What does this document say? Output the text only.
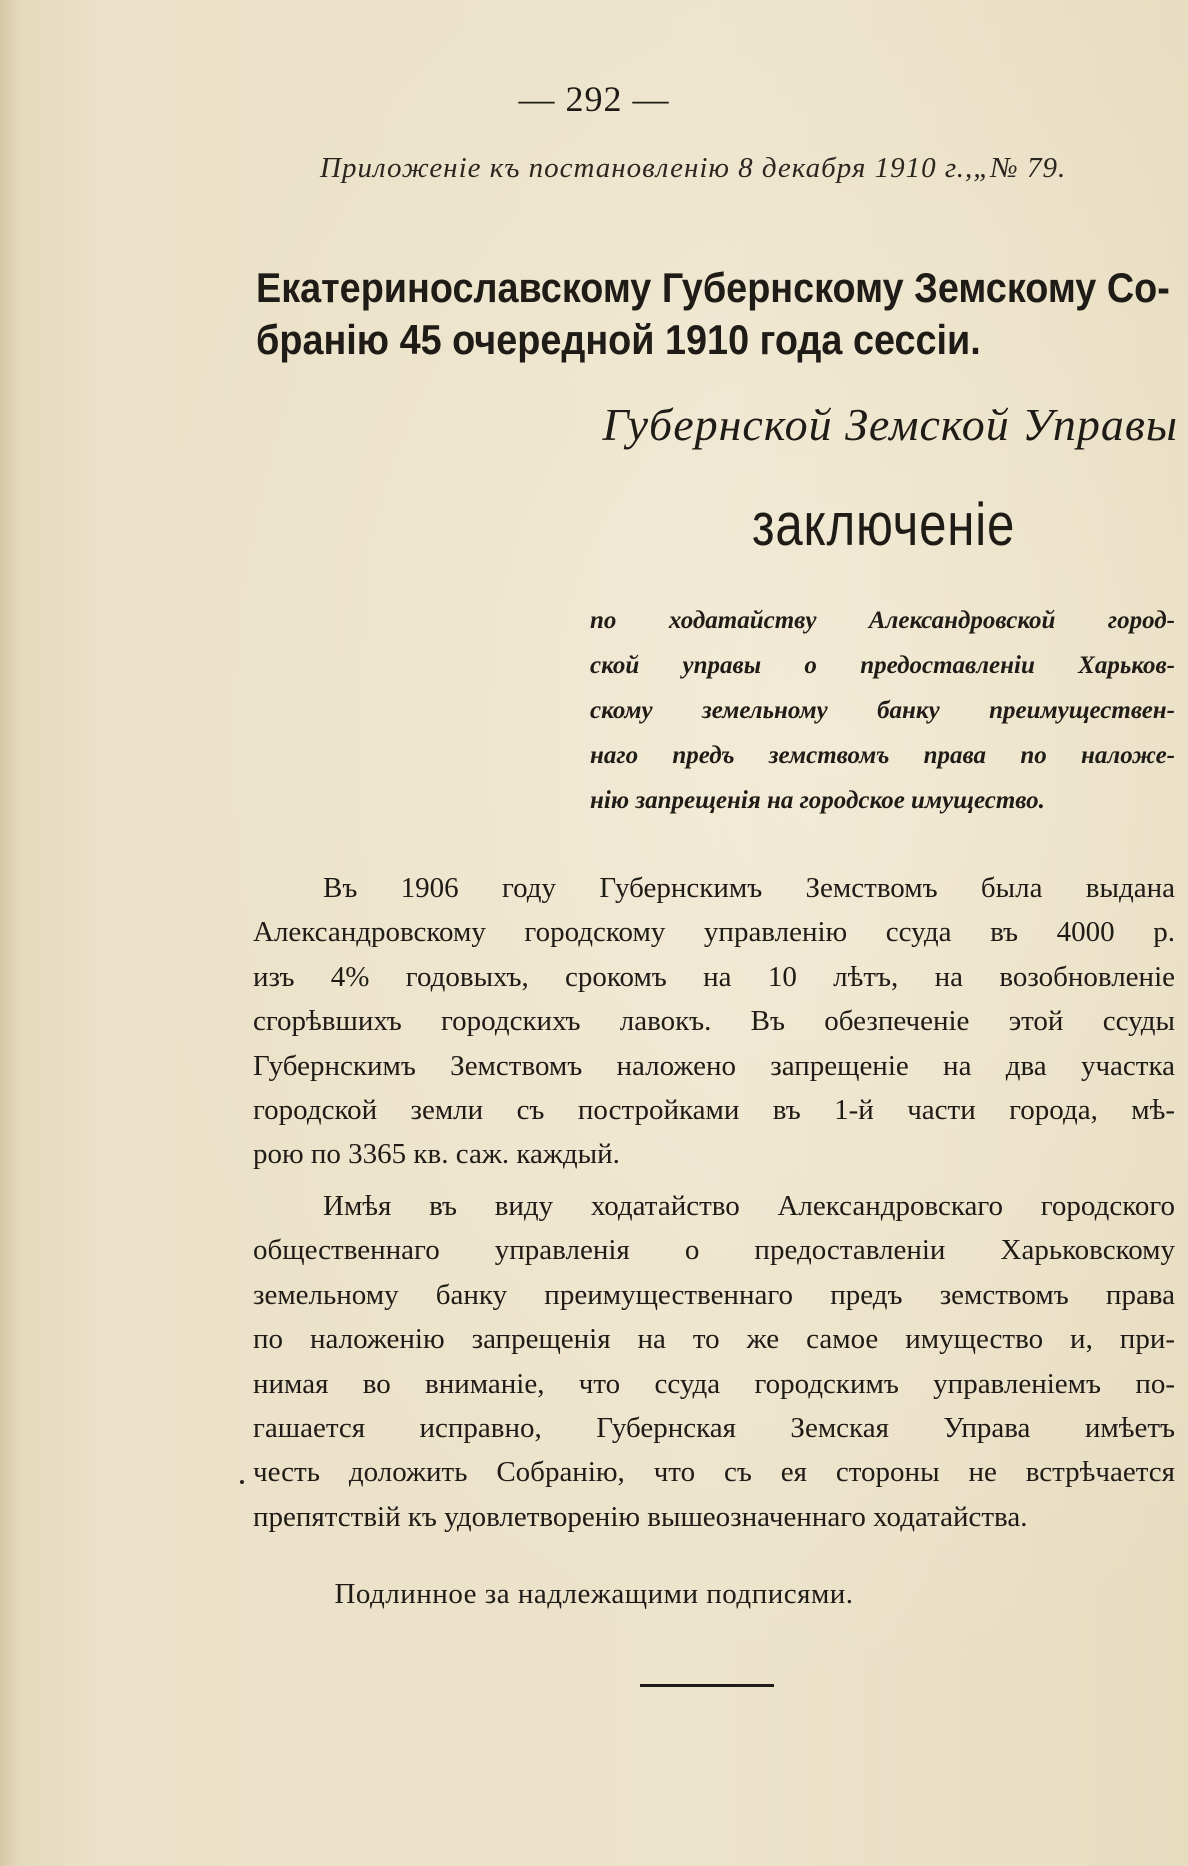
— 292 —
Приложеніе къ постановленію 8 декабря 1910 г.,„№ 79.
Екатеринославскому Губернскому Земскому Со-
бранію 45 очередной 1910 года сессіи.
Губернской Земской Управы
заключеніе
по ходатайству Александровской город-
ской управы о предоставленіи Харьков-
скому земельному банку преимуществен-
наго предъ земствомъ права по наложе-
нію запрещенія на городское имущество.
Въ 1906 году Губернскимъ Земствомъ была выдана
Александровскому городскому управленію ссуда въ 4000 р.
изъ 4% годовыхъ, срокомъ на 10 лѣтъ, на возобновленіе
сгорѣвшихъ городскихъ лавокъ. Въ обезпеченіе этой ссуды
Губернскимъ Земствомъ наложено запрещеніе на два участка
городской земли съ постройками въ 1-й части города, мѣ-
рою по 3365 кв. саж. каждый.
Имѣя въ виду ходатайство Александровскаго городского
общественнаго управленія о предоставленіи Харьковскому
земельному банку преимущественнаго предъ земствомъ права
по наложенію запрещенія на то же самое имущество и, при-
нимая во вниманіе, что ссуда городскимъ управленіемъ по-
гашается исправно, Губернская Земская Управа имѣетъ
честь доложить Собранію, что съ ея стороны не встрѣчается
препятствій къ удовлетворенію вышеозначеннаго ходатайства.
Подлинное за надлежащими подписями.
